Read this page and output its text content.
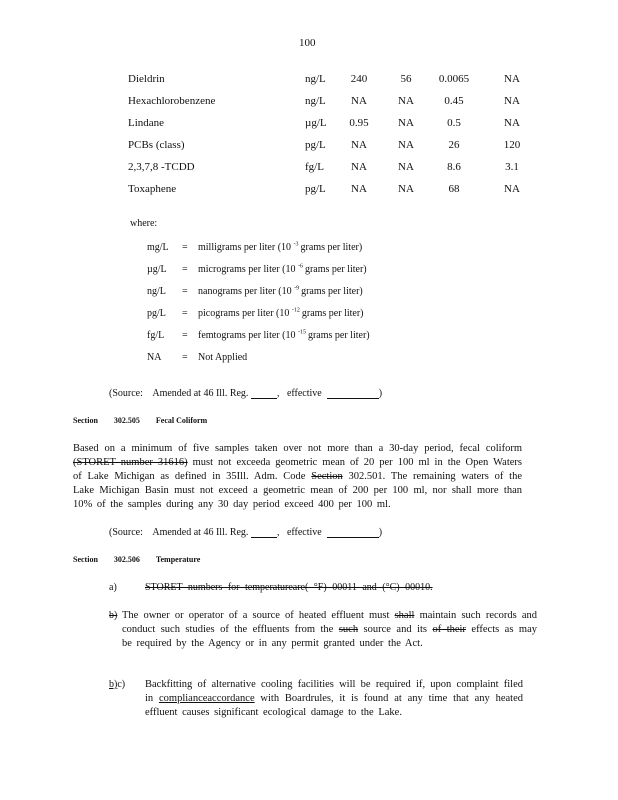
100
Dieldrin	ng/L	240	56	0.0065	NA
Hexachlorobenzene	ng/L	NA	NA	0.45	NA
Lindane	µg/L	0.95	NA	0.5	NA
PCBs (class)	pg/L	NA	NA	26	120
2,3,7,8 -TCDD	fg/L	NA	NA	8.6	3.1
Toxaphene	pg/L	NA	NA	68	NA
where:
mg/L = milligrams per liter (10 $^{-3}$ grams per liter)
µg/L = micrograms per liter (10 $^{-6}$ grams per liter)
ng/L = nanograms per liter (10 $^{-9}$ grams per liter)
pg/L = picograms per liter (10 $^{-12}$ grams per liter)
fg/L = femtograms per liter (10 $^{-15}$ grams per liter)
NA = Not Applied
(Source: Amended at 46 Ill. Reg.	, effective	)
Section 302.505 Fecal Coliform
Based on a minimum of five samples taken over not more than a 30-day period, fecal coliform (STORET number 31616) must not exceeda geometric mean of 20 per 100 ml in the Open Waters of Lake Michigan as defined in 35Ill. Adm. Code Section 302.501. The remaining waters of the Lake Michigan Basin must not exceed a geometric mean of 200 per 100 ml, nor shall more than 10% of the samples during any 30 day period exceed 400 per 100 ml.
(Source: Amended at 46 Ill. Reg.	, effective	)
Section 302.506 Temperature
a)	STORET numbers for temperatureare( °F) 00011 and (°C) 00010.
b) The owner or operator of a source of heated effluent must shall maintain such records and conduct such studies of the effluents from the such source and its of their effects as may be required by the Agency or in any permit granted under the Act.
b)c) Backfitting of alternative cooling facilities will be required if, upon complaint filed in complianceaccordance with Boardrules, it is found at any time that any heated effluent causes significant ecological damage to the Lake.
